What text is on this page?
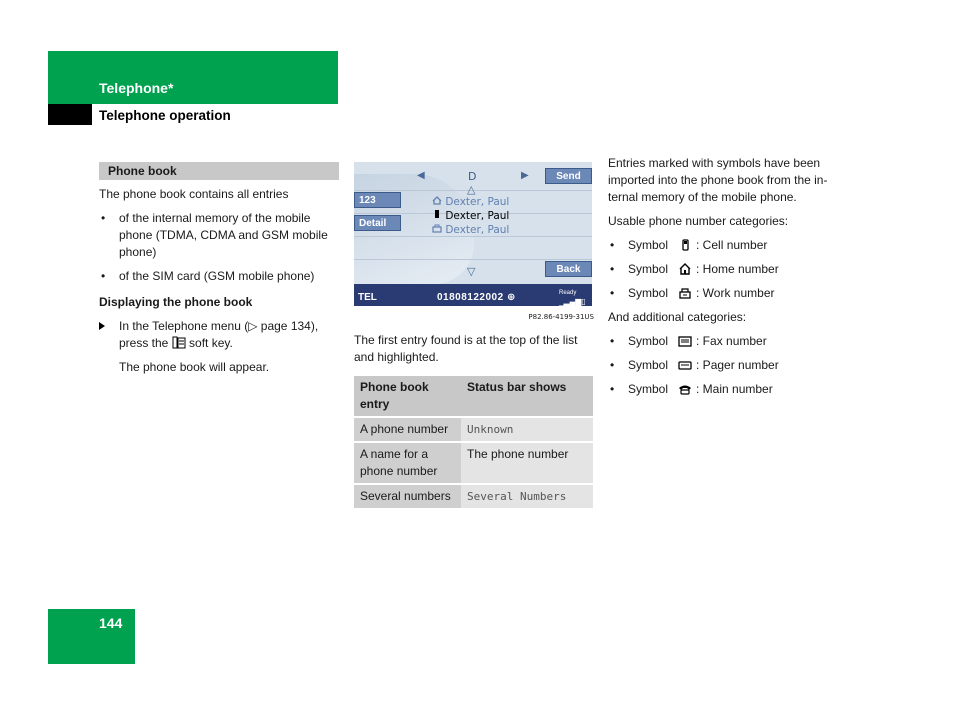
Telephone*
Telephone operation
Phone book

The phone book contains all entries

• of the internal memory of the mobile phone (TDMA, CDMA and GSM mobile phone)
• of the SIM card (GSM mobile phone)
Displaying the phone book
In the Telephone menu (▷ page 134), press the  soft key.
The phone book will appear.
◀	D	▶
△
▽
123
Detail
Send
Back
Dexter, Paul
Dexter, Paul
Dexter, Paul
TEL	01808122002 ⊕	Ready
_▂▄▆▯
P82.86-4199-31US

The first entry found is at the top of the list and highlighted.

Phone book entry	Status bar shows
A phone number	Unknown
A name for a phone number	The phone number
Several numbers	Several Numbers

Entries marked with symbols have been imported into the phone book from the in-ternal memory of the mobile phone.

Usable phone number categories:

• Symbol : Cell number
• Symbol : Home number
• Symbol : Work number

And additional categories:

• Symbol : Fax number
• Symbol : Pager number
• Symbol : Main number
144
